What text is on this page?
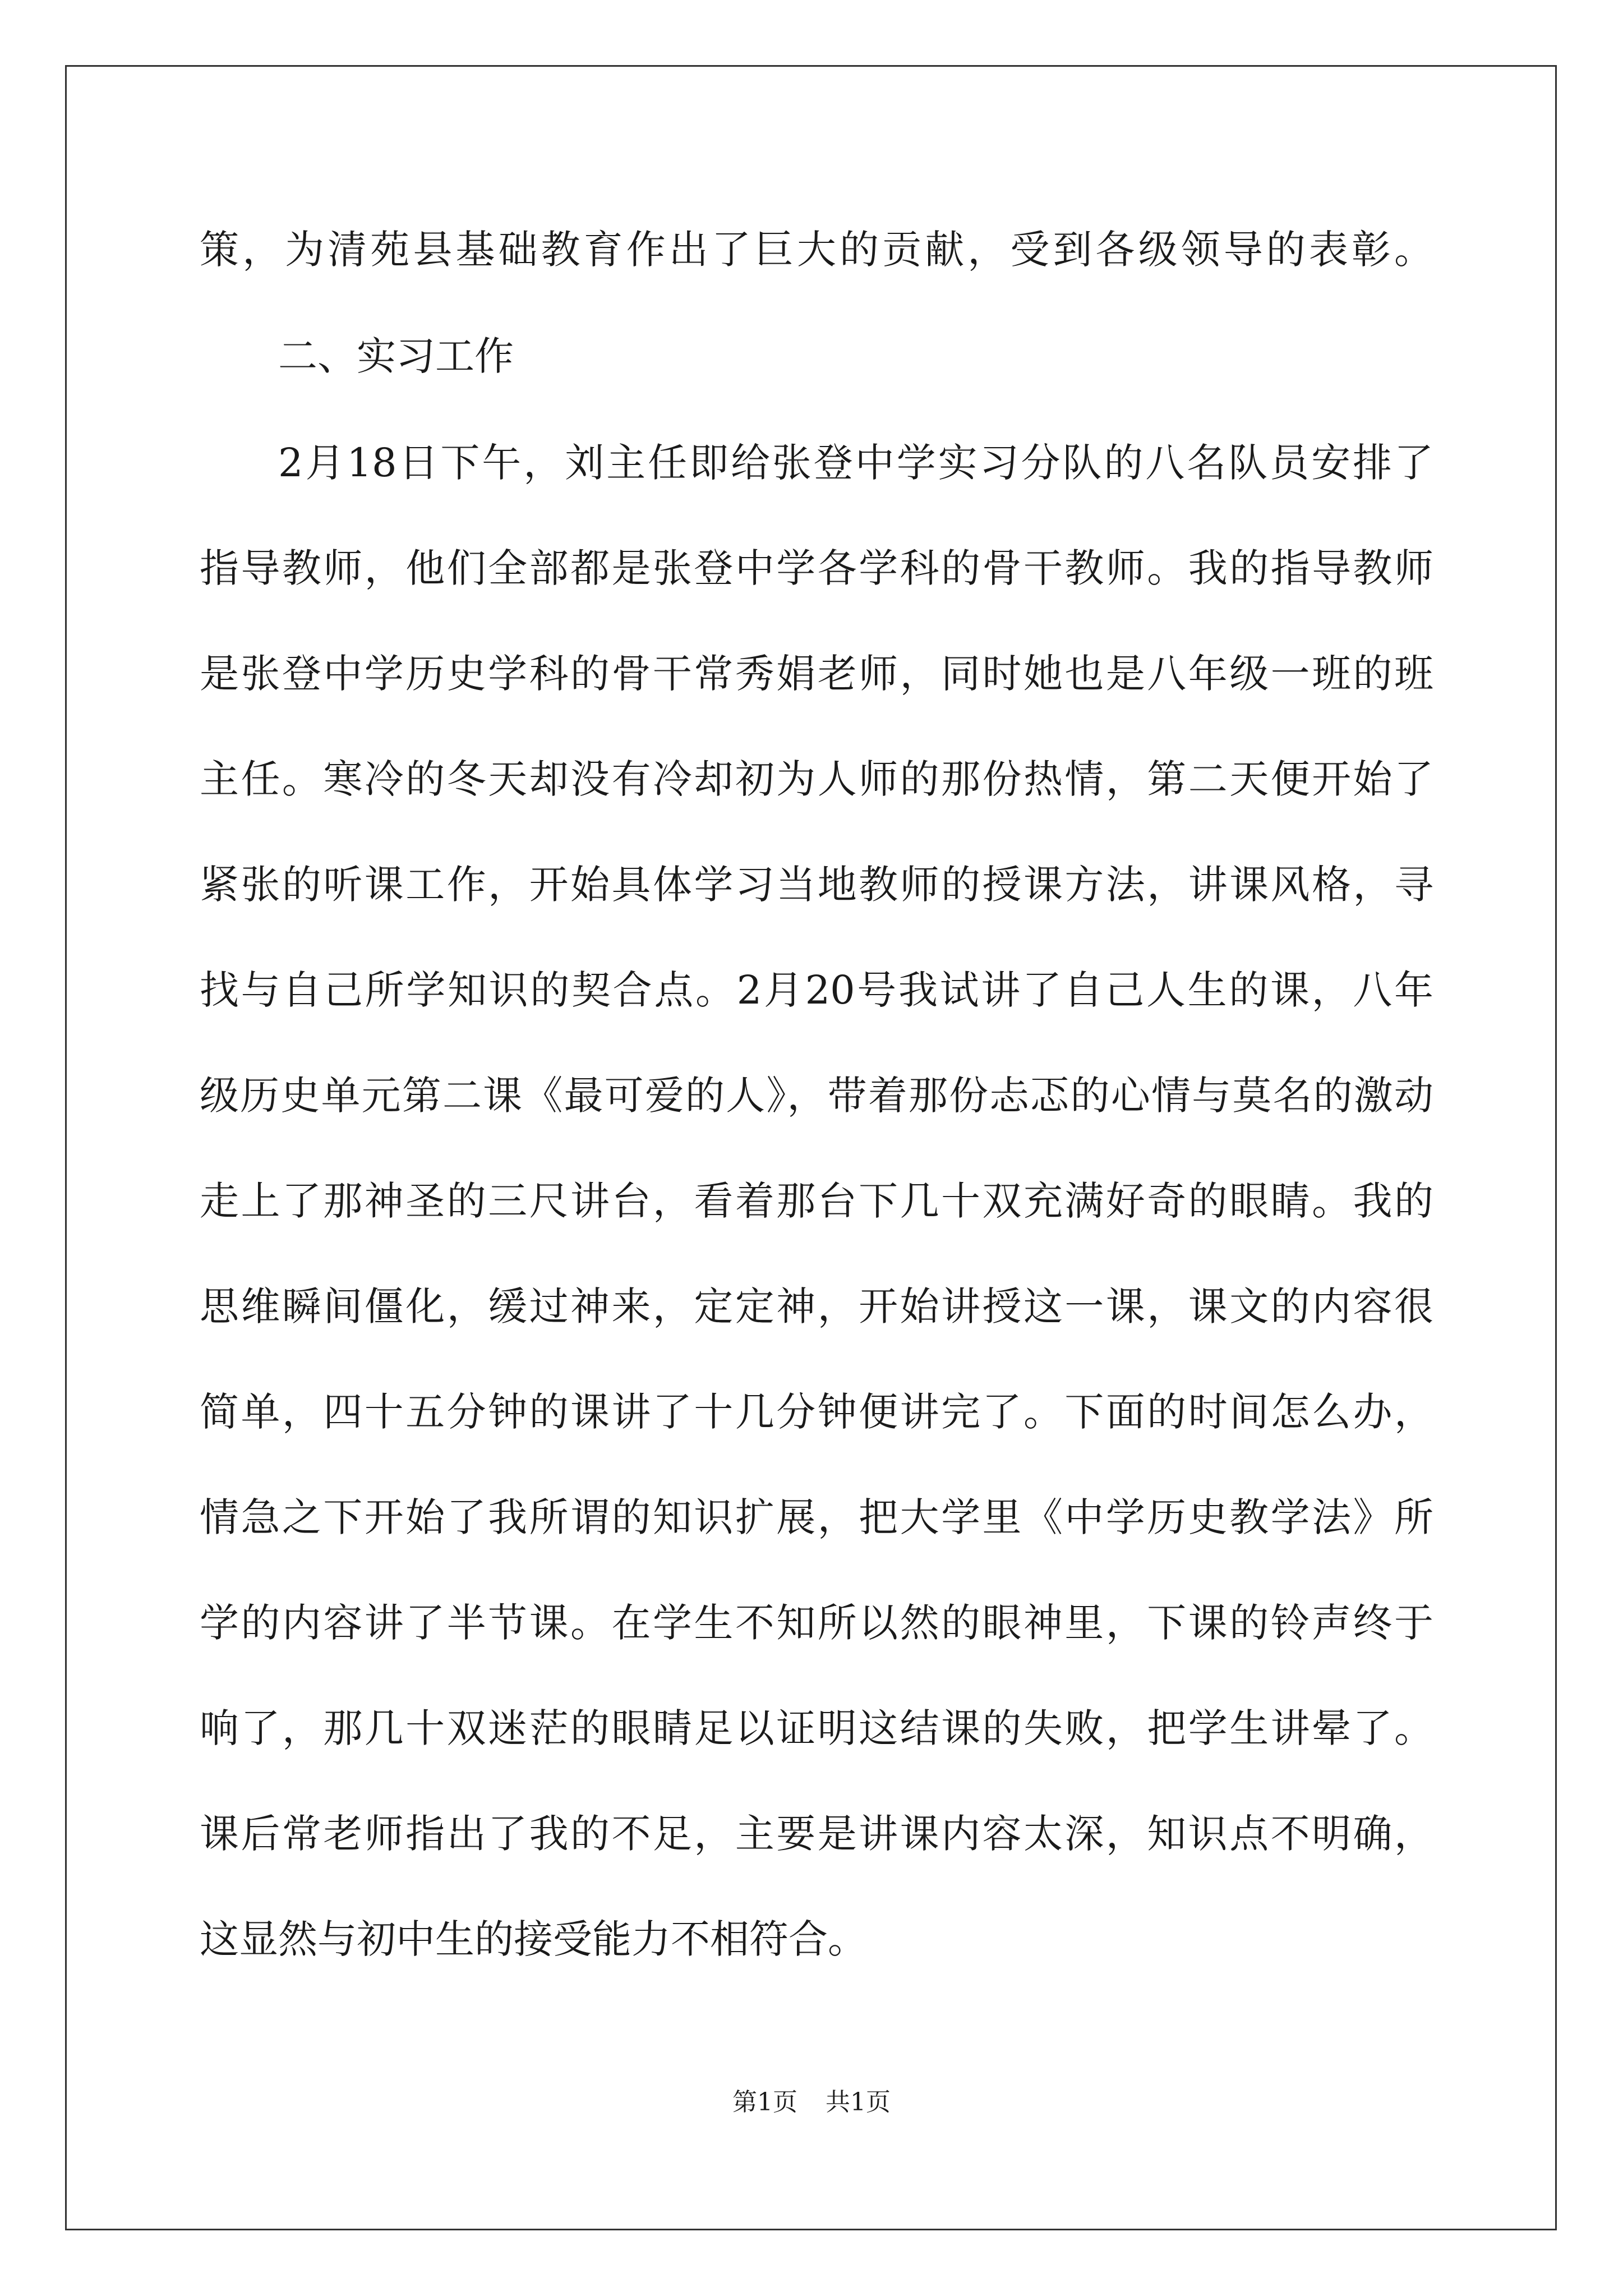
策，为清苑县基础教育作出了巨大的贡献，受到各级领导的表彰。

二、实习工作

2月18日下午，刘主任即给张登中学实习分队的八名队员安排了

指导教师，他们全部都是张登中学各学科的骨干教师。我的指导教师

是张登中学历史学科的骨干常秀娟老师，同时她也是八年级一班的班

主任。寒冷的冬天却没有冷却初为人师的那份热情，第二天便开始了

紧张的听课工作，开始具体学习当地教师的授课方法，讲课风格，寻

找与自己所学知识的契合点。2月20号我试讲了自己人生的课，八年

级历史单元第二课《最可爱的人》，带着那份忐忑的心情与莫名的激动

走上了那神圣的三尺讲台，看着那台下几十双充满好奇的眼睛。我的

思维瞬间僵化，缓过神来，定定神，开始讲授这一课，课文的内容很

简单，四十五分钟的课讲了十几分钟便讲完了。下面的时间怎么办，

情急之下开始了我所谓的知识扩展，把大学里《中学历史教学法》所

学的内容讲了半节课。在学生不知所以然的眼神里，下课的铃声终于

响了，那几十双迷茫的眼睛足以证明这结课的失败，把学生讲晕了。

课后常老师指出了我的不足，主要是讲课内容太深，知识点不明确，

这显然与初中生的接受能力不相符合。

第1页 共1页
